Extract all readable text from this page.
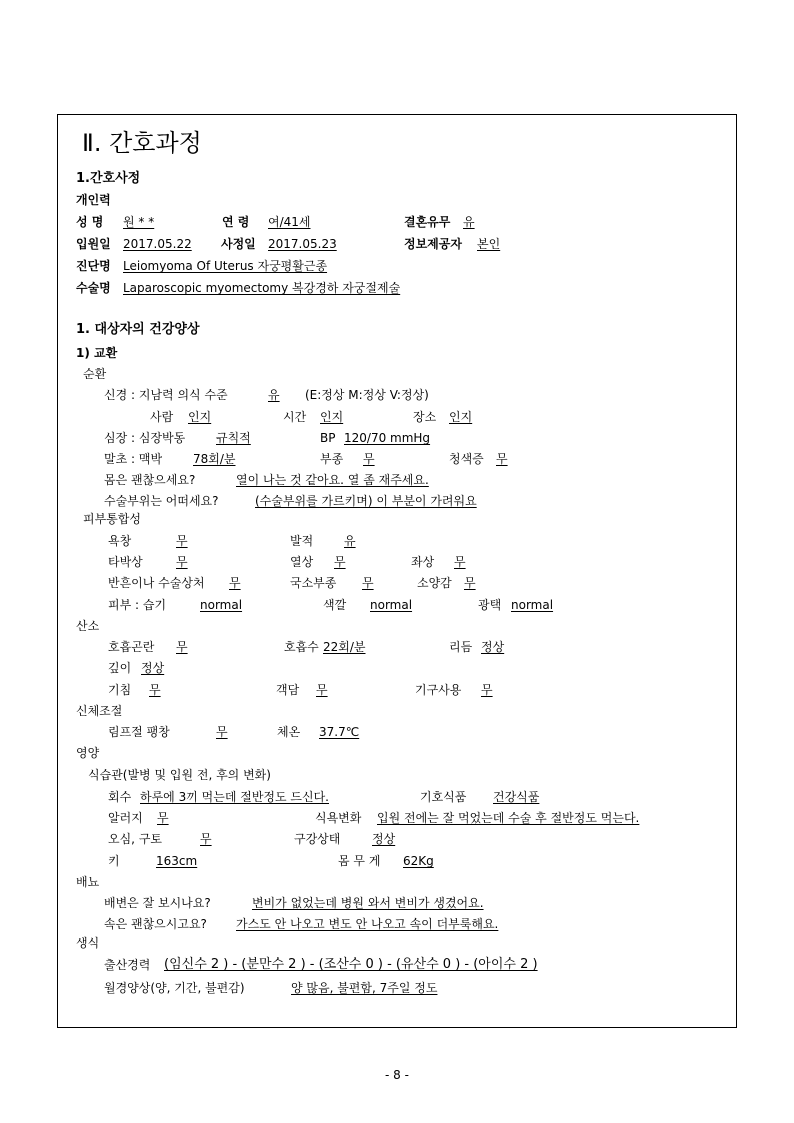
Ⅱ. 간호과정
1.간호사정
개인력
성 명 원 * *	연 령 여/41세	결혼유무 유
입원일 2017.05.22 사정일 2017.05.23	정보제공자 본인
진단명 Leiomyoma Of Uterus 자궁평활근종
수술명 Laparoscopic myomectomy 복강경하 자궁절제술
1. 대상자의 건강양상
1) 교환
순환
신경 : 지남력 의식 수준	유 (E:정상 M:정상 V:정상)
사람 인지	시간 인지	장소 인지
심장 : 심장박동	규칙적	BP 120/70 mmHg
말초 : 맥박	78회/분	부종 무	청색증 무
몸은 괜찮으세요?	열이 나는 것 같아요. 열 좀 재주세요.
수술부위는 어떠세요?	(수술부위를 가르키며) 이 부분이 가려워요
피부통합성
욕창	무	발적	유
타박상	무	열상 무	좌상 무
반흔이나 수술상처 무	국소부종 무	소양감 무
피부 : 습기	normal	색깔 normal	광택 normal
산소
호흡곤란 무	호흡수 22회/분	리듬 정상
깊이 정상
기침 무	객담 무	기구사용 무
신체조절
림프절 팽창	무	체온 37.7℃
영양
식습관(발병 및 입원 전, 후의 변화)
회수 하루에 3끼 먹는데 절반정도 드신다.	기호식품 건강식품
알러지 무	식욕변화 입원 전에는 잘 먹었는데 수술 후 절반정도 먹는다.
오심, 구토	무	구강상태	정상
키	163cm	몸 무 게 62Kg
배뇨
배변은 잘 보시나요?	변비가 없었는데 병원 와서 변비가 생겼어요.
속은 괜찮으시고요? 가스도 안 나오고 변도 안 나오고 속이 더부룩해요.
생식
출산경력 (임신수 2 ) - (분만수 2 ) - (조산수 0 ) - (유산수 0 ) - (아이수 2 )
월경양상(양, 기간, 불편감)	양 많음, 불편함, 7주일 정도
- 8 -
